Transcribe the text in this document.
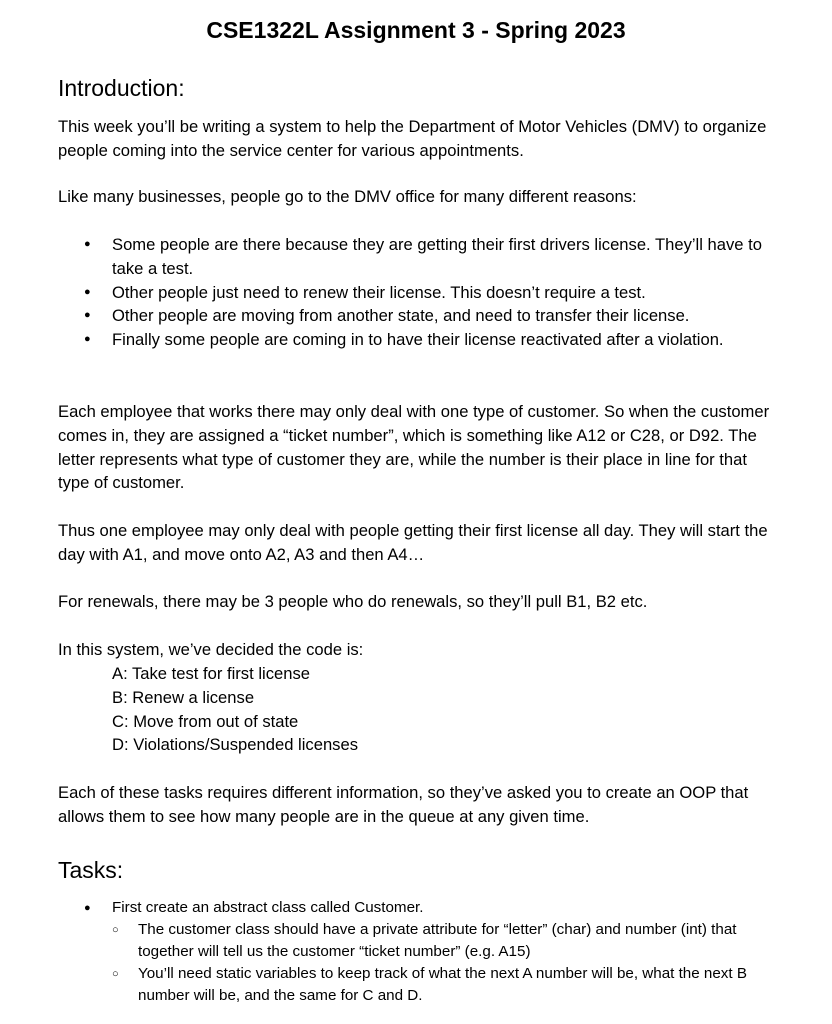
CSE1322L Assignment 3 - Spring 2023
Introduction:
This week you’ll be writing a system to help the Department of Motor Vehicles (DMV) to organize people coming into the service center for various appointments.
Like many businesses, people go to the DMV office for many different reasons:
● Some people are there because they are getting their first drivers license. They’ll have to take a test.
● Other people just need to renew their license. This doesn’t require a test.
● Other people are moving from another state, and need to transfer their license.
● Finally some people are coming in to have their license reactivated after a violation.
Each employee that works there may only deal with one type of customer. So when the customer comes in, they are assigned a “ticket number”, which is something like A12 or C28, or D92. The letter represents what type of customer they are, while the number is their place in line for that type of customer.
Thus one employee may only deal with people getting their first license all day. They will start the day with A1, and move onto A2, A3 and then A4…
For renewals, there may be 3 people who do renewals, so they’ll pull B1, B2 etc.
In this system, we’ve decided the code is:
A: Take test for first license
B: Renew a license
C: Move from out of state
D: Violations/Suspended licenses
Each of these tasks requires different information, so they’ve asked you to create an OOP that allows them to see how many people are in the queue at any given time.
Tasks:
● First create an abstract class called Customer.
○ The customer class should have a private attribute for “letter” (char) and number (int) that together will tell us the customer “ticket number” (e.g. A15)
○ You’ll need static variables to keep track of what the next A number will be, what the next B number will be, and the same for C and D.
